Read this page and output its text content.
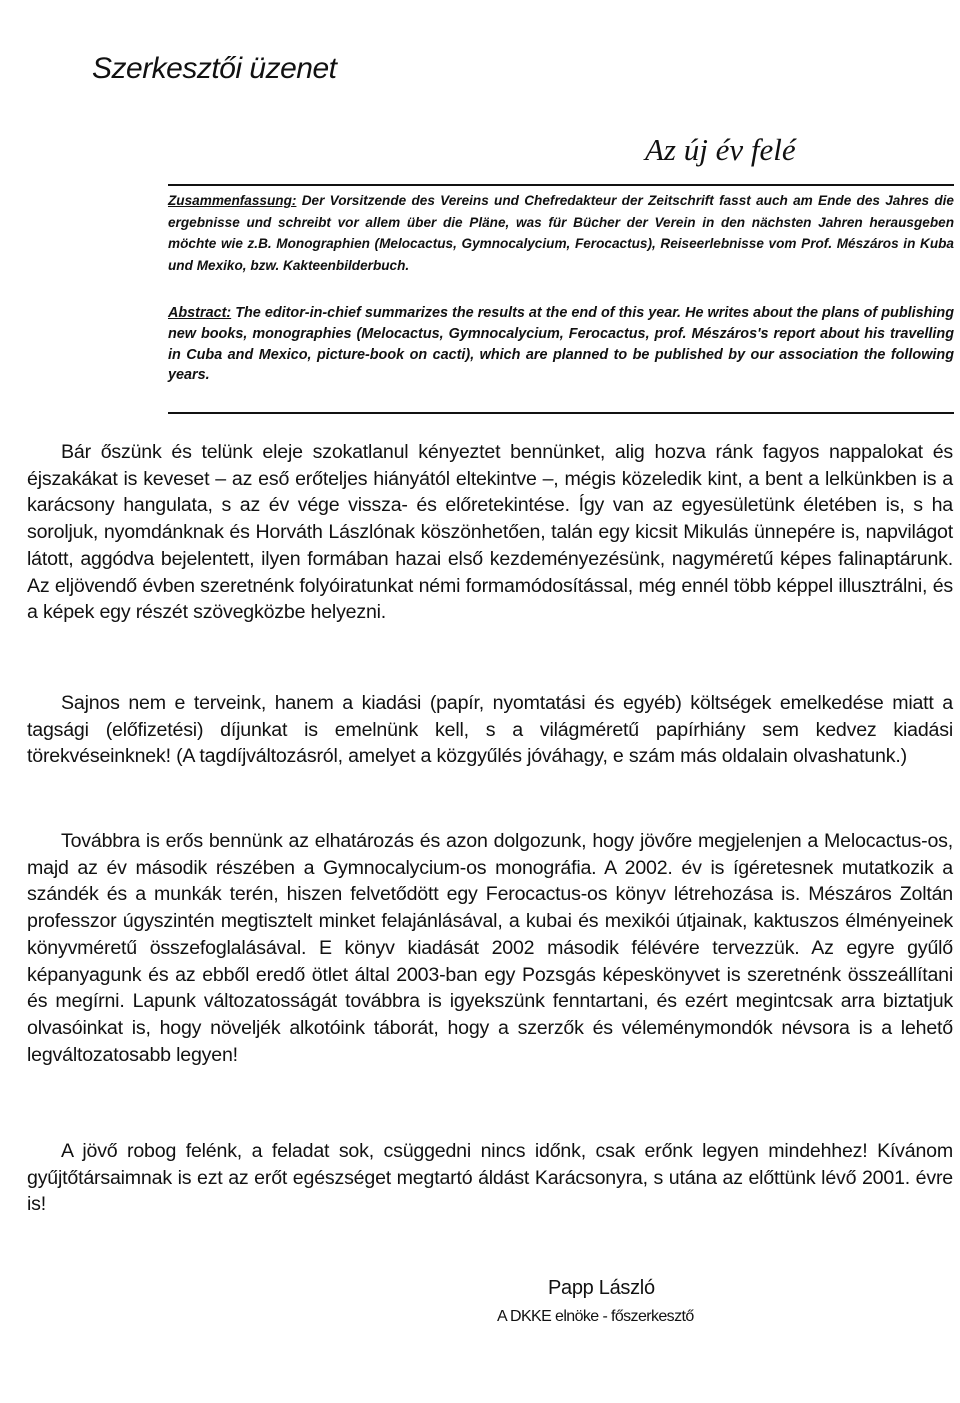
Szerkesztői üzenet
Az új év felé

Zusammenfassung: Der Vorsitzende des Vereins und Chefredakteur der Zeitschrift fasst auch am Ende des Jahres die ergebnisse und schreibt vor allem über die Pläne, was für Bücher der Verein in den nächsten Jahren herausgeben möchte wie z.B. Monographien (Melocactus, Gymnocalycium, Ferocactus), Reiseerlebnisse vom Prof. Mészáros in Kuba und Mexiko, bzw. Kakteenbilderbuch.

Abstract: The editor-in-chief summarizes the results at the end of this year. He writes about the plans of publishing new books, monographies (Melocactus, Gymnocalycium, Ferocactus, prof. Mészáros's report about his travelling in Cuba and Mexico, picture-book on cacti), which are planned to be published by our association the following years.

Bár őszünk és telünk eleje szokatlanul kényeztet bennünket, alig hozva ránk fagyos nappalokat és éjszakákat is keveset – az eső erőteljes hiányától eltekintve –, mégis közeledik kint, a bent a lelkünkben is a karácsony hangulata, s az év vége vissza- és előretekintése. Így van az egyesületünk életében is, s ha soroljuk, nyomdánknak és Horváth Lászlónak köszönhetően, talán egy kicsit Mikulás ünnepére is, napvilágot látott, aggódva bejelentett, ilyen formában hazai első kezdeményezésünk, nagyméretű képes falinaptárunk. Az eljövendő évben szeretnénk folyóiratunkat némi formamódosítással, még ennél több képpel illusztrálni, és a képek egy részét szövegközbe helyezni.

Sajnos nem e terveink, hanem a kiadási (papír, nyomtatási és egyéb) költségek emelkedése miatt a tagsági (előfizetési) díjunkat is emelnünk kell, s a világméretű papírhiány sem kedvez kiadási törekvéseinknek! (A tagdíjváltozásról, amelyet a közgyűlés jóváhagy, e szám más oldalain olvashatunk.)

Továbbra is erős bennünk az elhatározás és azon dolgozunk, hogy jövőre megjelenjen a Melocactus-os, majd az év második részében a Gymnocalycium-os monográfia. A 2002. év is ígéretesnek mutatkozik a szándék és a munkák terén, hiszen felvetődött egy Ferocactus-os könyv létrehozása is. Mészáros Zoltán professzor úgyszintén megtisztelt minket felajánlásával, a kubai és mexikói útjainak, kaktuszos élményeinek könyvméretű összefoglalásával. E könyv kiadását 2002 második félévére tervezzük. Az egyre gyűlő képanyagunk és az ebből eredő ötlet által 2003-ban egy Pozsgás képeskönyvet is szeretnénk összeállítani és megírni. Lapunk változatosságát továbbra is igyekszünk fenntartani, és ezért megintcsak arra biztatjuk olvasóinkat is, hogy növeljék alkotóink táborát, hogy a szerzők és véleménymondók névsora is a lehető legváltozatosabb legyen!

A jövő robog felénk, a feladat sok, csüggedni nincs időnk, csak erőnk legyen mindehhez! Kívánom gyűjtőtársaimnak is ezt az erőt egészséget megtartó áldást Karácsonyra, s utána az előttünk lévő 2001. évre is!

Papp László

A DKKE elnöke - főszerkesztő
